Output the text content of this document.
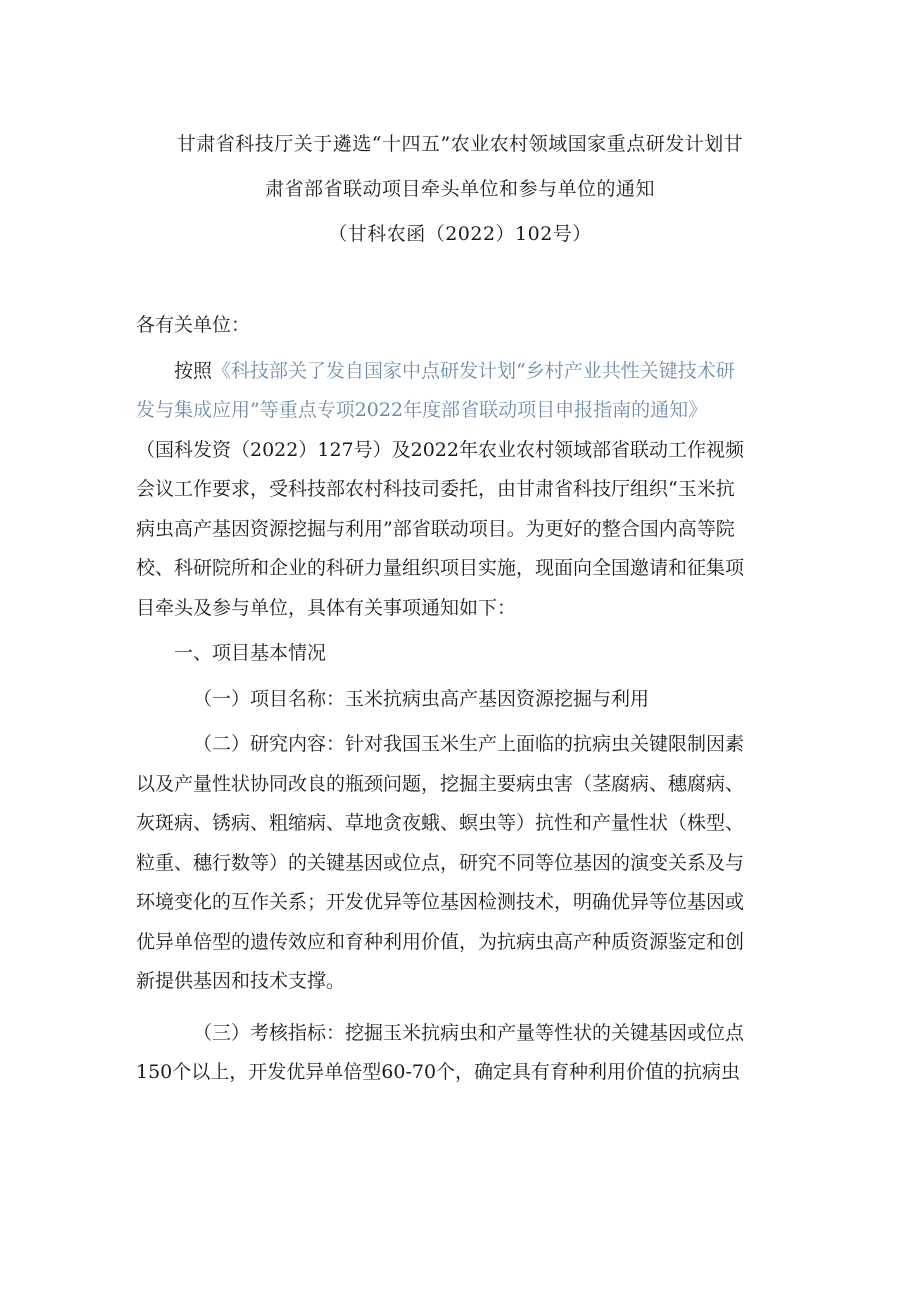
甘肃省科技厅关于遴选“十四五”农业农村领域国家重点研发计划甘
肃省部省联动项目牵头单位和参与单位的通知
（甘科农函（2022）102号）
各有关单位：
按照《科技部关了发自国家中点研发计划“乡村产业共性关键技术研
发与集成应用”等重点专项2022年度部省联动项目申报指南的通知》
（国科发资（2022）127号）及2022年农业农村领域部省联动工作视频
会议工作要求，受科技部农村科技司委托，由甘肃省科技厅组织“玉米抗
病虫高产基因资源挖掘与利用”部省联动项目。为更好的整合国内高等院
校、科研院所和企业的科研力量组织项目实施，现面向全国邀请和征集项
目牵头及参与单位，具体有关事项通知如下：
一、项目基本情况
（一）项目名称：玉米抗病虫高产基因资源挖掘与利用
（二）研究内容：针对我国玉米生产上面临的抗病虫关键限制因素
以及产量性状协同改良的瓶颈问题，挖掘主要病虫害（茎腐病、穗腐病、
灰斑病、锈病、粗缩病、草地贪夜蛾、螟虫等）抗性和产量性状（株型、
粒重、穗行数等）的关键基因或位点，研究不同等位基因的演变关系及与
环境变化的互作关系；开发优异等位基因检测技术，明确优异等位基因或
优异单倍型的遗传效应和育种利用价值，为抗病虫高产种质资源鉴定和创
新提供基因和技术支撑。
（三）考核指标：挖掘玉米抗病虫和产量等性状的关键基因或位点
150个以上，开发优异单倍型60-70个，确定具有育种利用价值的抗病虫
